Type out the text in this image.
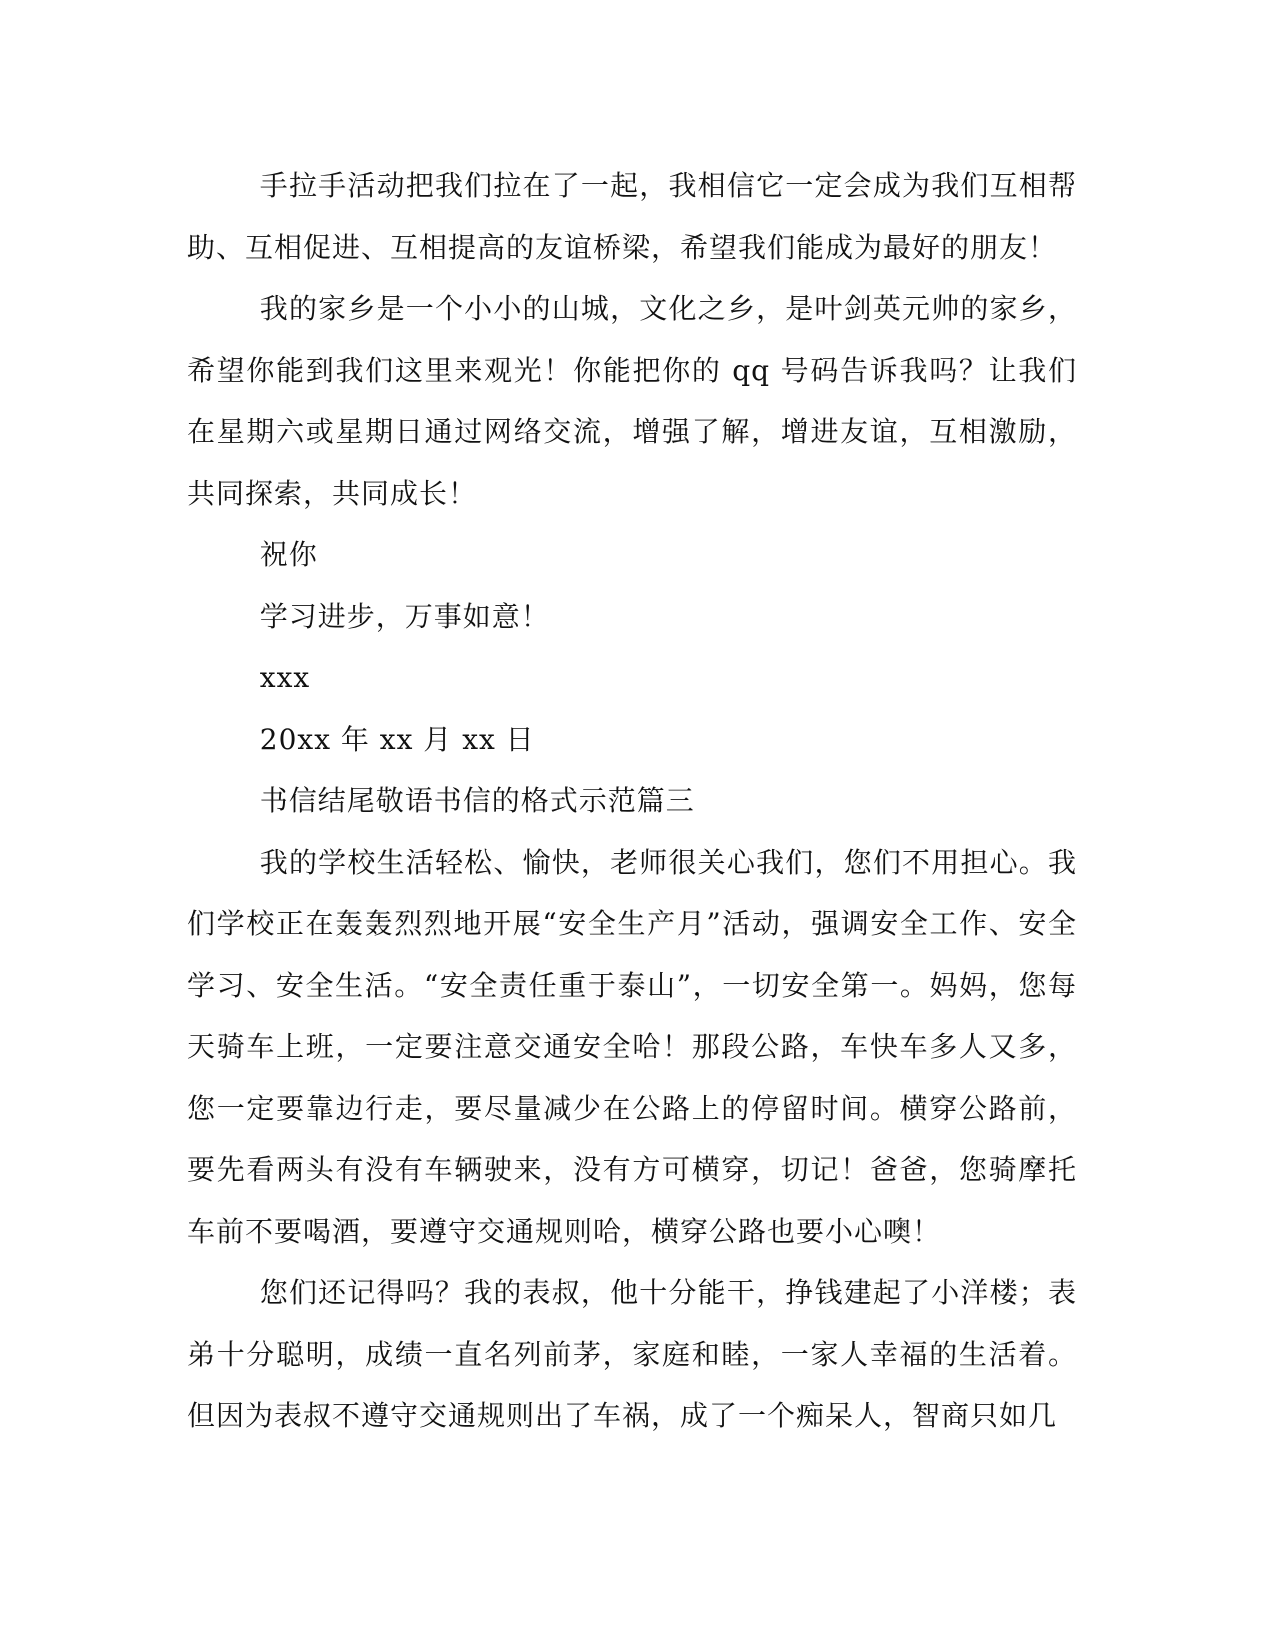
手拉手活动把我们拉在了一起，我相信它一定会成为我们互相帮助、互相促进、互相提高的友谊桥梁，希望我们能成为最好的朋友！

我的家乡是一个小小的山城，文化之乡，是叶剑英元帅的家乡，希望你能到我们这里来观光！你能把你的 qq 号码告诉我吗？让我们在星期六或星期日通过网络交流，增强了解，增进友谊，互相激励，共同探索，共同成长！

祝你

学习进步，万事如意！

xxx

20xx 年 xx 月 xx 日

书信结尾敬语书信的格式示范篇三

我的学校生活轻松、愉快，老师很关心我们，您们不用担心。我们学校正在轰轰烈烈地开展“安全生产月”活动，强调安全工作、安全学习、安全生活。“安全责任重于泰山”，一切安全第一。妈妈，您每天骑车上班，一定要注意交通安全哈！那段公路，车快车多人又多，您一定要靠边行走，要尽量减少在公路上的停留时间。横穿公路前，要先看两头有没有车辆驶来，没有方可横穿，切记！爸爸，您骑摩托车前不要喝酒，要遵守交通规则哈，横穿公路也要小心噢！

您们还记得吗？我的表叔，他十分能干，挣钱建起了小洋楼；表弟十分聪明，成绩一直名列前茅，家庭和睦，一家人幸福的生活着。但因为表叔不遵守交通规则出了车祸，成了一个痴呆人，智商只如几
